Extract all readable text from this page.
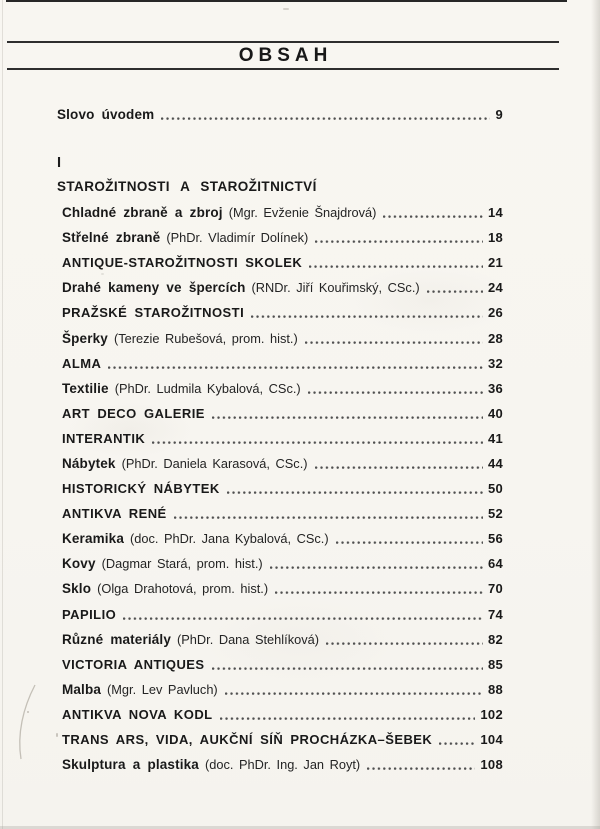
OBSAH
Slovo úvodem	9
I
STAROŽITNOSTI A STAROŽITNICTVÍ
Chladné zbraně a zbroj (Mgr. Evženie Šnajdrová)	14
Střelné zbraně (PhDr. Vladimír Dolínek)	18
ANTIQUE-STAROŽITNOSTI SKOLEK	21
Drahé kameny ve špercích (RNDr. Jiří Kouřimský, CSc.)	24
PRAŽSKÉ STAROŽITNOSTI	26
Šperky (Terezie Rubešová, prom. hist.)	28
ALMA	32
Textilie (PhDr. Ludmila Kybalová, CSc.)	36
ART DECO GALERIE	40
INTERANTIK	41
Nábytek (PhDr. Daniela Karasová, CSc.)	44
HISTORICKÝ NÁBYTEK	50
ANTIKVA RENÉ	52
Keramika (doc. PhDr. Jana Kybalová, CSc.)	56
Kovy (Dagmar Stará, prom. hist.)	64
Sklo (Olga Drahotová, prom. hist.)	70
PAPILIO	74
Různé materiály (PhDr. Dana Stehlíková)	82
VICTORIA ANTIQUES	85
Malba (Mgr. Lev Pavluch)	88
ANTIKVA NOVA KODL	102
TRANS ARS, VIDA, AUKČNÍ SÍŇ PROCHÁZKA–ŠEBEK	104
Skulptura a plastika (doc. PhDr. Ing. Jan Royt)	108
